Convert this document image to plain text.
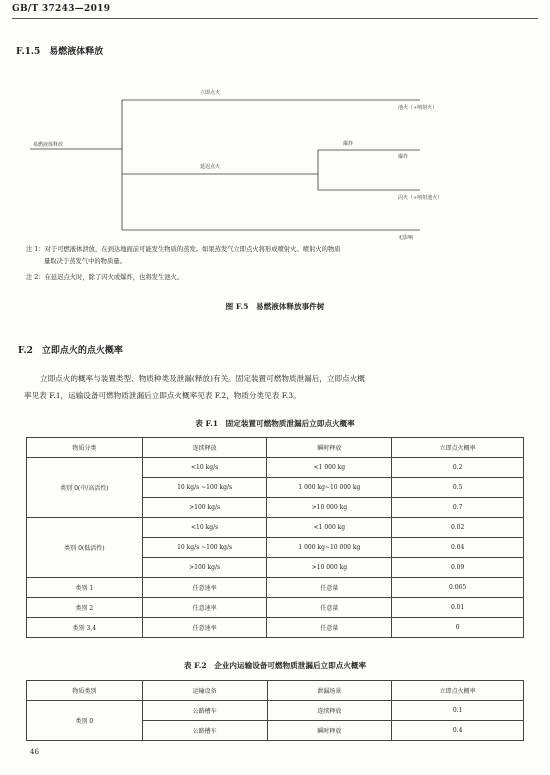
GB/T 37243—2019
F.1.5　易燃液体释放
易燃液体释放
立即点火
延迟点火
爆炸
池火（+喷射火）
爆炸
闪火（+喷射池火）
无影响
注 1：对于可燃液体泄放，在到达地面前可能发生物质的蒸发。如果蒸发气立即点火将形成喷射火。喷射火的物质
量取决于蒸发气中的物质量。
注 2：在延迟点火时，除了闪火或爆炸，也将发生池火。
图 F.5　易燃液体释放事件树
F.2　立即点火的点火概率
立即点火的概率与装置类型、物质种类及泄漏(释放)有关。固定装置可燃物质泄漏后，立即点火概
率见表 F.1，运输设备可燃物质泄漏后立即点火概率见表 F.2，物质分类见表 F.3。
表 F.1　固定装置可燃物质泄漏后立即点火概率
物质分类	连续释放	瞬时释放	立即点火概率
类别 0(中/高活性)	<10 kg/s	<1 000 kg	0.2
	10 kg/s ~100 kg/s	1 000 kg~10 000 kg	0.5
	>100 kg/s	>10 000 kg	0.7
类别 0(低活性)	<10 kg/s	<1 000 kg	0.02
	10 kg/s ~100 kg/s	1 000 kg~10 000 kg	0.04
	>100 kg/s	>10 000 kg	0.09
类别 1	任意速率	任意量	0.065
类别 2	任意速率	任意量	0.01
类别 3,4	任意速率	任意量	0
表 F.2　企业内运输设备可燃物质泄漏后立即点火概率
物质类别	运输设备	泄漏场景	立即点火概率
类别 0	公路槽车	连续释放	0.1
	公路槽车	瞬时释放	0.4
46
